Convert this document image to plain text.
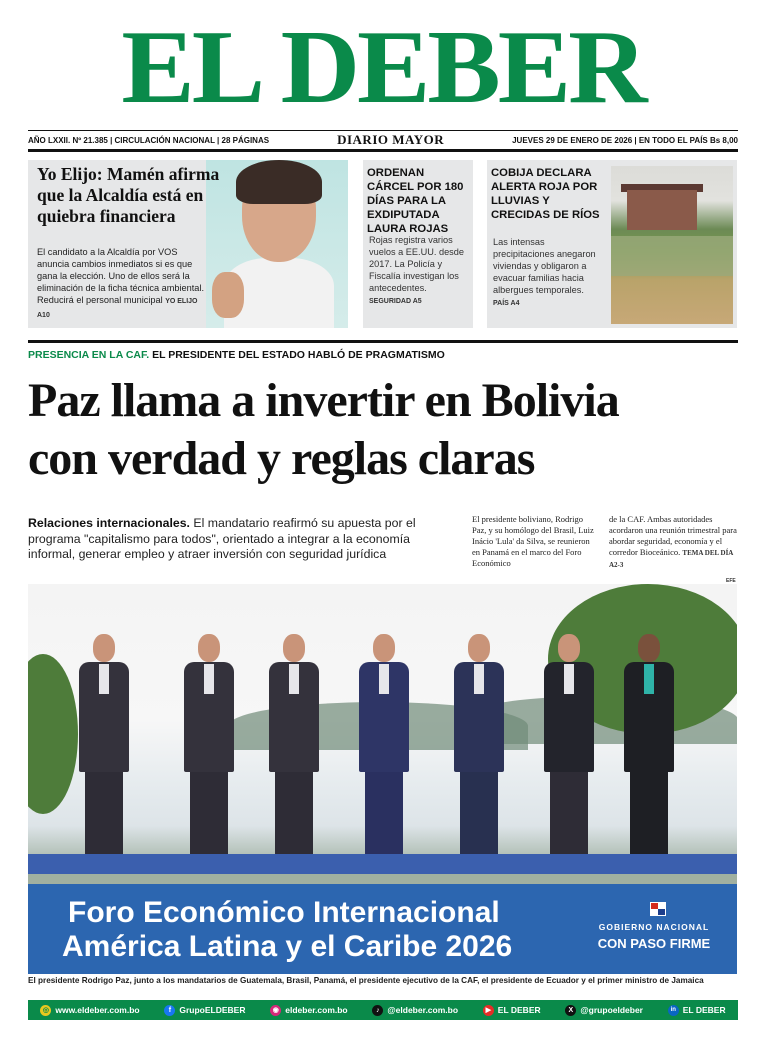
EL DEBER
AÑO LXXII. Nº 21.385 | CIRCULACIÓN NACIONAL | 28 PÁGINAS	DIARIO MAYOR	JUEVES 29 DE ENERO DE 2026 | EN TODO EL PAÍS Bs 8,00
Yo Elijo: Mamén afirma que la Alcaldía está en quiebra financiera
El candidato a la Alcaldía por VOS anuncia cambios inmediatos si es que gana la elección. Uno de ellos será la eliminación de la ficha técnica ambiental. Reducirá el personal municipal YO ELIJO A10
ORDENAN CÁRCEL POR 180 DÍAS PARA LA EXDIPUTADA LAURA ROJAS
Rojas registra varios vuelos a EE.UU. desde 2017. La Policía y Fiscalía investigan los antecedentes.
SEGURIDAD A5
COBIJA DECLARA ALERTA ROJA POR LLUVIAS Y CRECIDAS DE RÍOS
Las intensas precipitaciones anegaron viviendas y obligaron a evacuar familias hacia albergues temporales.
PAÍS A4
PRESENCIA EN LA CAF. EL PRESIDENTE DEL ESTADO HABLÓ DE PRAGMATISMO
Paz llama a invertir en Bolivia
con verdad y reglas claras
Relaciones internacionales. El mandatario reafirmó su apuesta por el programa "capitalismo para todos", orientado a integrar a la economía informal, generar empleo y atraer inversión con seguridad jurídica
El presidente boliviano, Rodrigo Paz, y su homólogo del Brasil, Luiz Inácio 'Lula' da Silva, se reunieron en Panamá en el marco del Foro Económico
de la CAF. Ambas autoridades acordaron una reunión trimestral para abordar seguridad, economía y el corredor Bioceánico. TEMA DEL DÍA A2-3
EFE
Foro Económico Internacional
América Latina y el Caribe 2026
GOBIERNO NACIONAL
CON PASO FIRME
El presidente Rodrigo Paz, junto a los mandatarios de Guatemala, Brasil, Panamá, el presidente ejecutivo de la CAF, el presidente de Ecuador y el primer ministro de Jamaica
◎ www.eldeber.com.bo	f GrupoELDEBER	◉ eldeber.com.bo	♪ @eldeber.com.bo	▶ EL DEBER	X @grupoeldeber	in EL DEBER
